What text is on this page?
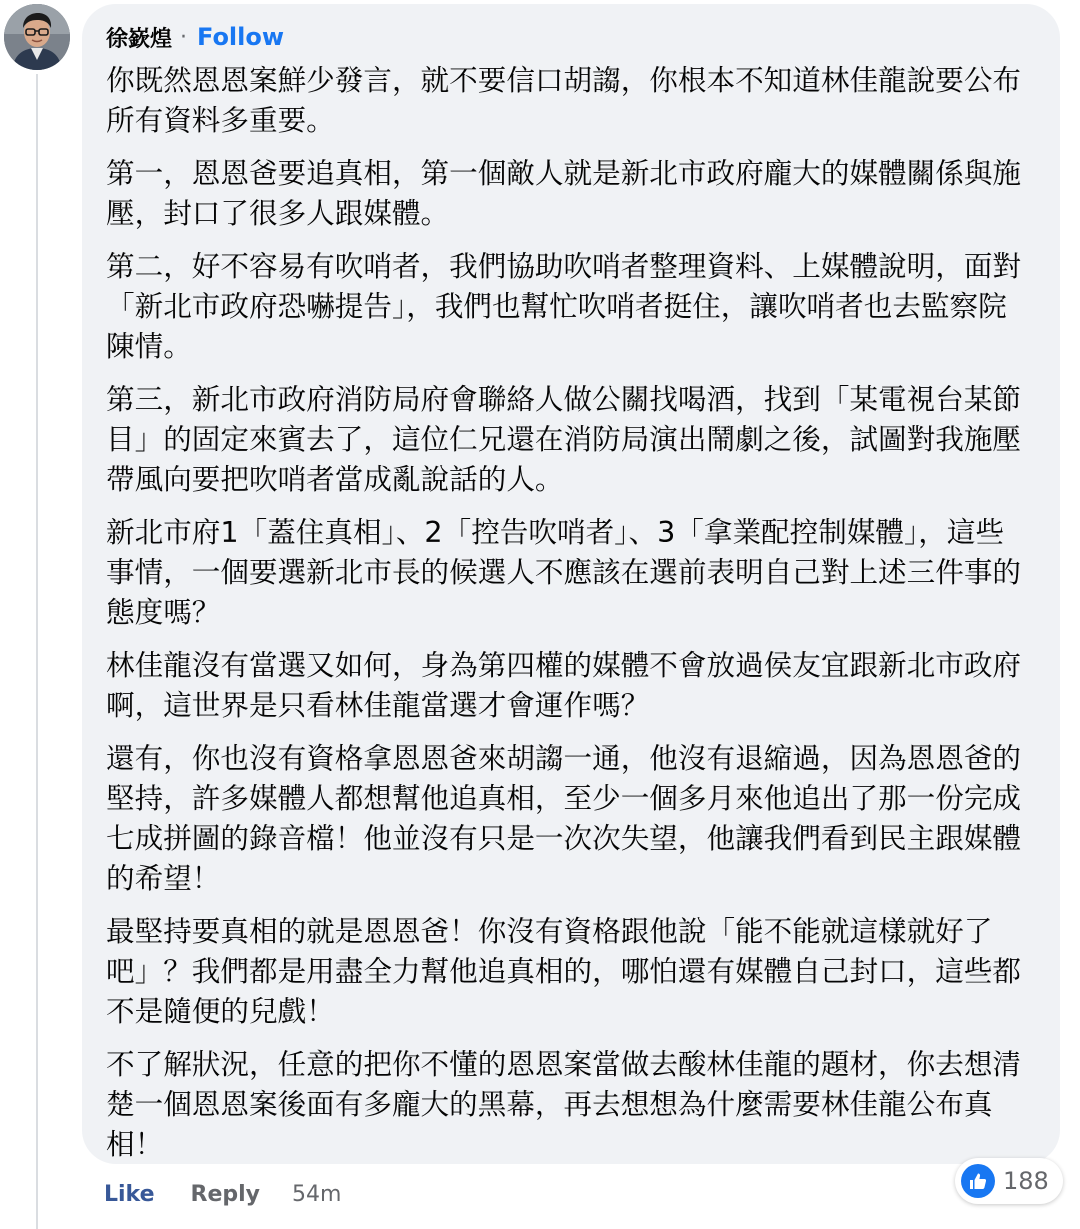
徐嶔煌 · Follow

你既然恩恩案鮮少發言，就不要信口胡謅，你根本不知道林佳龍說要公布所有資料多重要。

第一，恩恩爸要追真相，第一個敵人就是新北市政府龐大的媒體關係與施壓，封口了很多人跟媒體。

第二，好不容易有吹哨者，我們協助吹哨者整理資料、上媒體說明，面對「新北市政府恐嚇提告」，我們也幫忙吹哨者挺住，讓吹哨者也去監察院陳情。

第三，新北市政府消防局府會聯絡人做公關找喝酒，找到「某電視台某節目」的固定來賓去了，這位仁兄還在消防局演出鬧劇之後，試圖對我施壓帶風向要把吹哨者當成亂說話的人。

新北市府1「蓋住真相」、2「控告吹哨者」、3「拿業配控制媒體」，這些事情，一個要選新北市長的候選人不應該在選前表明自己對上述三件事的態度嗎？

林佳龍沒有當選又如何，身為第四權的媒體不會放過侯友宜跟新北市政府啊，這世界是只看林佳龍當選才會運作嗎？

還有，你也沒有資格拿恩恩爸來胡謅一通，他沒有退縮過，因為恩恩爸的堅持，許多媒體人都想幫他追真相，至少一個多月來他追出了那一份完成七成拼圖的錄音檔！他並沒有只是一次次失望，他讓我們看到民主跟媒體的希望！

最堅持要真相的就是恩恩爸！你沒有資格跟他說「能不能就這樣就好了吧」？我們都是用盡全力幫他追真相的，哪怕還有媒體自己封口，這些都不是隨便的兒戲！

不了解狀況，任意的把你不懂的恩恩案當做去酸林佳龍的題材，你去想清楚一個恩恩案後面有多龐大的黑幕，再去想想為什麼需要林佳龍公布真相！

188
Like Reply 54m
